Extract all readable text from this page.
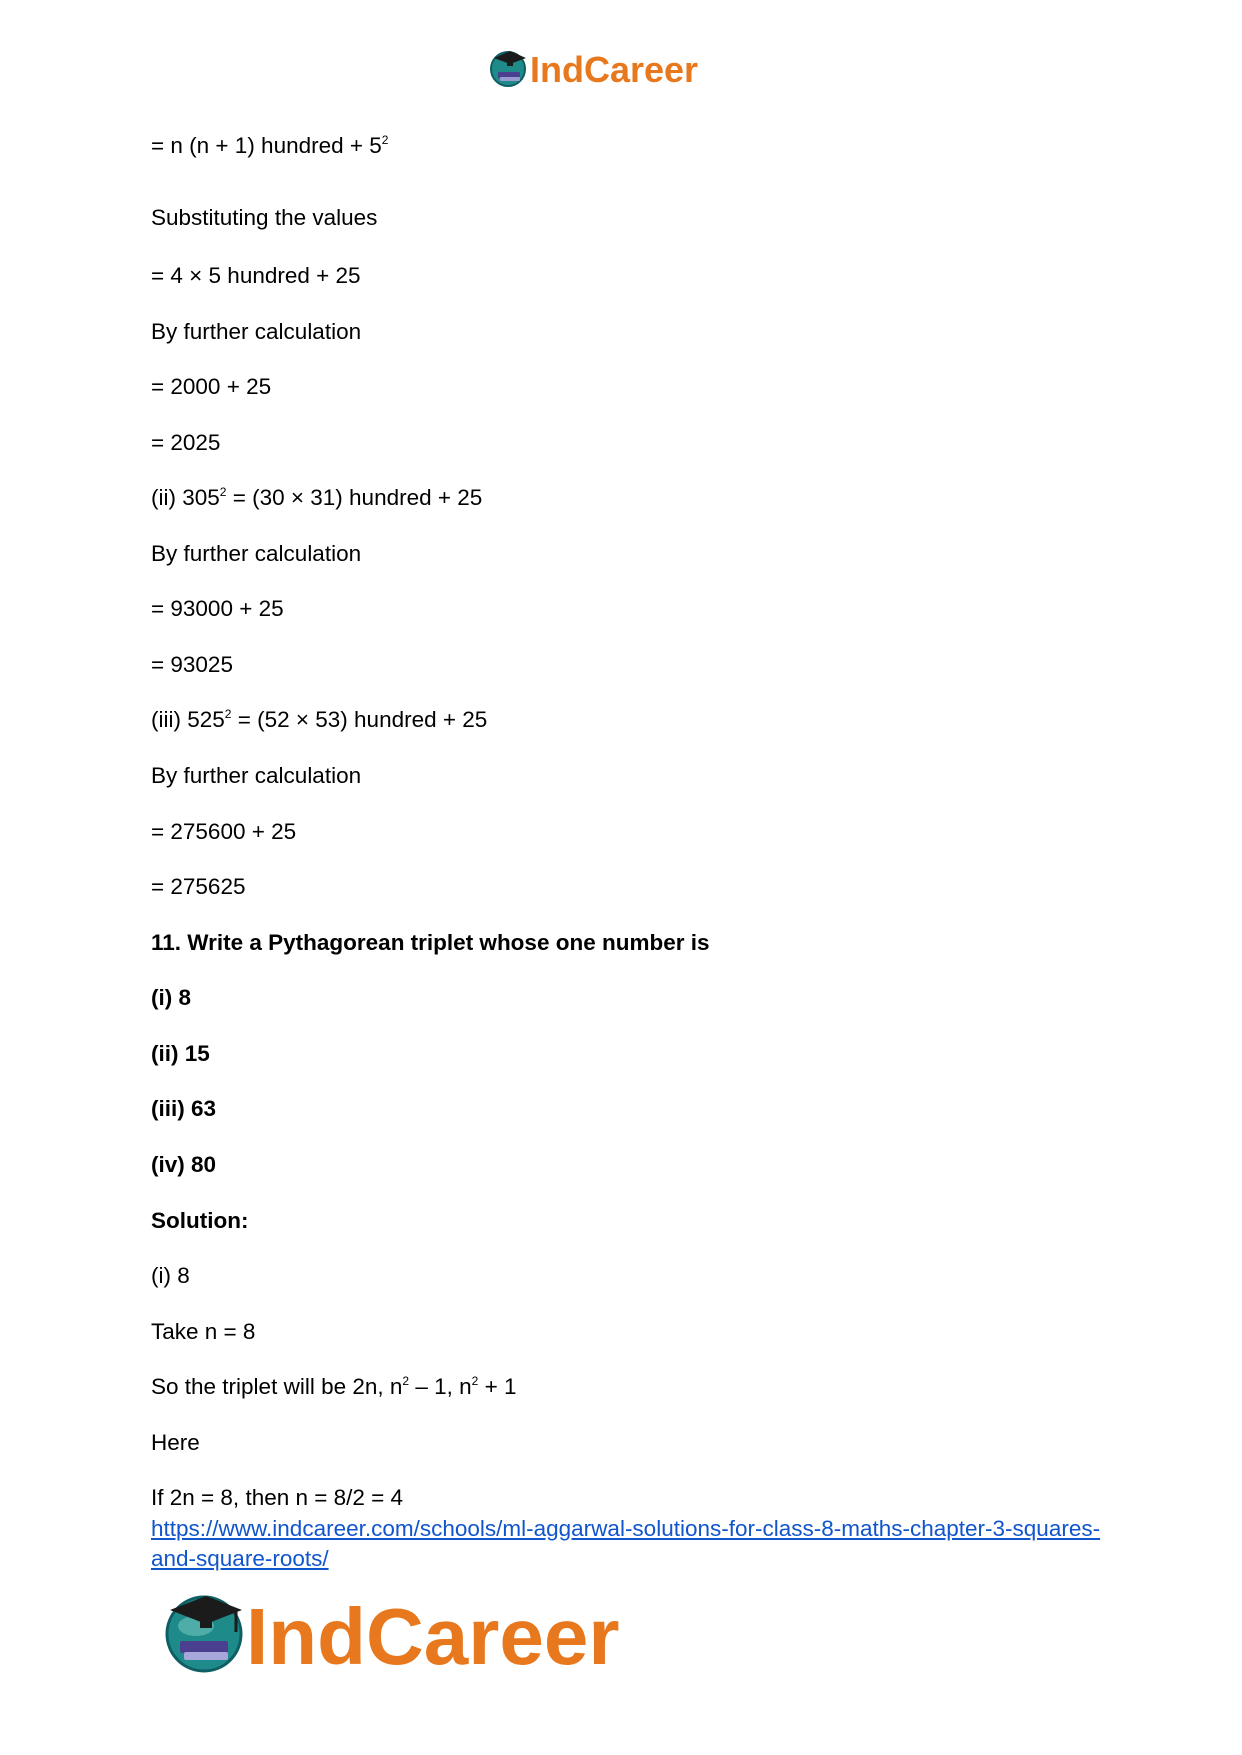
IndCareer
= n (n + 1) hundred + $5^2$
Substituting the values
= 4 × 5 hundred + 25
By further calculation
= 2000 + 25
= 2025
(ii) $305^2 = (30 \times 31)$ hundred + 25
By further calculation
= 93000 + 25
= 93025
(iii) $525^2 = (52 \times 53)$ hundred + 25
By further calculation
= 275600 + 25
= 275625
11. Write a Pythagorean triplet whose one number is
(i) 8
(ii) 15
(iii) 63
(iv) 80
Solution:
(i) 8
Take n = 8
So the triplet will be 2n, $n^2 - 1$, $n^2 + 1$
Here
If 2n = 8, then n = 8/2 = 4
https://www.indcareer.com/schools/ml-aggarwal-solutions-for-class-8-maths-chapter-3-squares-and-square-roots/
IndCareer
